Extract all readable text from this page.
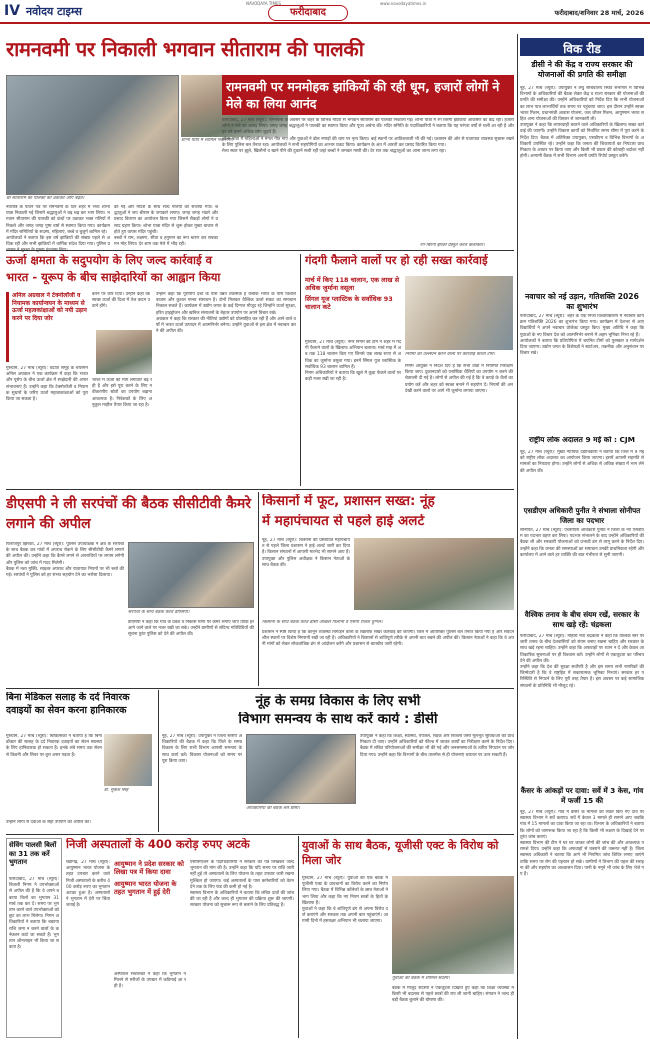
IV नवोदय टाइम्स
NAVODAYA TIMES
फरीदाबाद	फरीदाबाद/शनिवार 28 मार्च, 2026
www.navodayatimes.in
रामनवमी पर निकाली भगवान सीताराम की पालकी
श्री सीताराम की पालकी को उठाकर आगे बढ़ते।
शोभा यात्रा में शामिल भक्तगण।
रामनवमी पर मनमोहक झांकियों की रही धूम, हजारों लोगों ने मेले का लिया आनंद
नवरात्रि के पावन पर्व पर रामनवमी के दिन शहर में भव्य शोभा यात्रा निकाली गई जिसमें श्रद्धालुओं ने बढ़ चढ़ कर भाग लिया। भगवान सीताराम की पालकी को कंधों पर उठाकर भक्त गलियों में निकले और जगह जगह पुष्प वर्षा से स्वागत किया गया। कार्यक्रम में मंदिर समितियों के सदस्य, महिलाएं, बच्चे व बुजुर्ग शामिल रहे।
आयोजकों ने बताया कि इस वर्ष झांकियों की संख्या पहले से अधिक रही और सभी झांकियों में धार्मिक संदेश दिया गया। पुलिस प्र
की गई और मंदिरों के साथ साथ गलियों को सजाया गया। श्रद्धालुओं ने जय श्रीराम के जयकारे लगाए। जगह जगह भंडारे और प्रसाद वितरण का आयोजन किया गया जिसमें सैकड़ों लोगों ने प्रसाद ग्रहण किया। शोभा यात्रा मंदिर से शुरू होकर मुख्य बाजार से होते हुए वापस मंदिर पहुंची।
बच्चों ने राम, लक्ष्मण, सीता व हनुमान का रूप धारण कर सबका मन मोह लिया। देर शाम तक मेले में भीड़ रही।
फरीदाबाद, 27 मार्च (ब्यूरो): रामनवमी के अवसर पर शहर के विभिन्न मंदिरों से भगवान सीताराम की पालकी निकाली गई। शोभा यात्रा में रंग बिरंगी झांकियां आकर्षण का केंद्र रहीं। हजारों लोगों ने मेले का आनंद लिया। जगह जगह श्रद्धालुओं ने पालकी का स्वागत किया और पूजा अर्चना की। मंदिर समिति के पदाधिकारियों ने बताया कि यह परंपरा वर्षों से चली आ रही है और हर वर्ष इसमें अधिक लोग जुड़ते हैं।
शोभा यात्रा में महिलाओं ने मंगल गीत गाए और युवाओं ने ढोल नगाड़ों की थाप पर नृत्य किया। कई स्थानों पर आतिशबाजी भी की गई। प्रशासन की ओर से यातायात व्यवस्था सुचारू रखने के लिए पुलिस बल तैनात रहा। आयोजकों ने सभी सहयोगियों का आभार प्रकट किया। कार्यक्रम के अंत में आरती कर प्रसाद वितरित किया गया।
मेला स्थल पर झूले, खिलौनों व खाने पीने की दुकानें सजी रहीं जहां बच्चों ने जमकर मस्ती की। देर रात तक श्रद्धालुओं का आना जाना लगा रहा।
रंग-बिरंगी झांकी प्रस्तुत करते कलाकार।
विक रीड
डीसी ने की केंद्र व राज्य सरकार की योजनाओं की प्रगति की समीक्षा
नूंह, 27 मार्च (ब्यूरो): उपायुक्त ने लघु सचिवालय स्थित सभागार में विभिन्न विभागों के अधिकारियों की बैठक लेकर केंद्र व राज्य सरकार की योजनाओं की प्रगति की समीक्षा की। उन्होंने अधिकारियों को निर्देश दिए कि सभी योजनाओं का लाभ पात्र लाभार्थियों तक समय पर पहुंचाया जाए। इस दौरान उन्होंने स्वच्छ भारत मिशन, प्रधानमंत्री आवास योजना, जल जीवन मिशन, आयुष्मान भारत सहित अन्य योजनाओं की विस्तार से जानकारी ली।
उपायुक्त ने कहा कि लापरवाही बरतने वाले अधिकारियों के खिलाफ सख्त कार्रवाई की जाएगी। उन्होंने विकास कार्यों को निर्धारित समय सीमा में पूरा करने के निर्देश दिए। बैठक में अतिरिक्त उपायुक्त, एसडीएम व विभिन्न विभागों के अधिकारी उपस्थित रहे। उन्होंने कहा कि जनता की शिकायतों का निपटारा प्राथमिकता के आधार पर किया जाए और किसी भी प्रकार की कोताही बर्दाश्त नहीं होगी। आगामी बैठक में सभी विभाग अपनी प्रगति रिपोर्ट प्रस्तुत करेंगे।
नवाचार को नई उड़ान, गतिशक्ति 2026 का शुभारंभ
फरीदाबाद, 27 मार्च (ब्यूरो): शहर के एक निजी विश्वविद्यालय में नवाचार कार्यक्रम गतिशक्ति 2026 का शुभारंभ किया गया। कार्यक्रम में देशभर से आए विद्यार्थियों ने अपने नवाचार प्रोजेक्ट प्रस्तुत किए। मुख्य अतिथि ने कहा कि युवाओं के नए विचार देश को आत्मनिर्भर बनाने में अहम भूमिका निभा रहे हैं।
आयोजकों ने बताया कि प्रतियोगिता में चयनित टीमों को पुरस्कार व मार्गदर्शन दिया जाएगा। उद्योग जगत के विशेषज्ञों ने स्टार्टअप, तकनीक और अनुसंधान पर विचार रखे।
राष्ट्रीय लोक अदालत 9 मई को : CJM
नूंह, 27 मार्च (ब्यूरो): मुख्य न्यायिक दंडाधिकारी ने बताया कि जिले में 9 मई को राष्ट्रीय लोक अदालत का आयोजन किया जाएगा। इसमें आपसी सहमति से मामलों का निपटारा होगा। उन्होंने लोगों से अधिक से अधिक संख्या में भाग लेने की अपील की।
एसडीएम अधिकारी पुनीत ने संभाला सोनीपत जिला का पदभार
सोनीपत, 27 मार्च (ब्यूरो): एचसीएस अधिकारी पुनीत ने जिला के नए एसडीएम का पदभार ग्रहण कर लिया। पदभार संभालने के बाद उन्होंने अधिकारियों की बैठक ली और सरकारी योजनाओं को प्रभावी ढंग से लागू करने के निर्देश दिए। उन्होंने कहा कि जनता की समस्याओं का समाधान उनकी प्राथमिकता रहेगी और कार्यालय में आने वाले हर व्यक्ति की बात गंभीरता से सुनी जाएगी।
वैश्विक तनाव के बीच संयम रखें, सरकार के साथ खड़े रहें: चंद्रकला
फरीदाबाद, 27 मार्च (ब्यूरो): महिला नेता चंद्रकला ने कहा कि वैश्विक स्तर पर जारी तनाव के बीच देशवासियों को संयम बनाए रखना चाहिए और सरकार के साथ खड़े रहना चाहिए। उन्होंने कहा कि अफवाहों पर ध्यान न दें और केवल आधिकारिक सूचनाओं पर ही विश्वास करें। उन्होंने लोगों से एकजुटता का परिचय देने की अपील की।
उन्होंने कहा कि देश की सुरक्षा सर्वोपरि है और इस समय सभी नागरिकों की जिम्मेदारी है कि वे राष्ट्रहित में सकारात्मक भूमिका निभाएं। सरकार हर परिस्थिति से निपटने के लिए पूरी तरह तैयार है। इस अवसर पर कई सामाजिक संगठनों के प्रतिनिधि भी मौजूद रहे।
कैंसर के आंकड़ों पर दावा: सर्वे में 3 केस, गांव में फर्जी 15 की
नूंह, 27 मार्च (ब्यूरो): गांव में कैंसर के मामलों को लेकर किए गए दावे पर स्वास्थ्य विभाग ने सर्वे कराया। सर्वे में केवल 3 मामले ही सामने आए जबकि गांव में 15 मामलों का दावा किया जा रहा था। विभाग के अधिकारियों ने बताया कि लोगों को जागरूक किया जा रहा है कि किसी भी लक्षण के दिखाई देने पर तुरंत जांच कराएं।
स्वास्थ्य विभाग की टीम ने घर घर जाकर लोगों की जांच की और आवश्यक परामर्श दिया। उन्होंने कहा कि अफवाहों से घबराने की जरूरत नहीं है। जिला स्वास्थ्य अधिकारी ने बताया कि आगे भी नियमित जांच शिविर लगाए जाएंगे ताकि समय पर रोग की पहचान हो सके। ग्रामीणों ने विभाग की पहल की सराहना की और सहयोग का आश्वासन दिया। पानी के नमूने भी जांच के लिए भेजे गए हैं।
ऊर्जा क्षमता के सदुपयोग के लिए जल्द कार्रवाई व
भारत - यूरूप के बीच साझेदारियों का आह्वान किया
अनिल अग्रवाल ने टेक्नोलॉजी व नियामक कार्यान्वयन के माध्यम से ऊर्जा महत्वकांक्षाओं को नयी उड़ान करने पर दिया जोर
गुरुग्राम, 27 मार्च (ब्यूरो): वेदांता समूह के चेयरमैन अनिल अग्रवाल ने एक कार्यक्रम में कहा कि भारत और यूरोप के बीच ऊर्जा क्षेत्र में साझेदारी की अपार संभावनाएं हैं। उन्होंने कहा कि टेक्नोलॉजी व नियामक सुधारों के जरिए ऊर्जा महत्वाकांक्षाओं को पूरा किया जा सकता है।
करने पर जोर दिया। उन्होंने कहा कि स्वच्छ ऊर्जा की दिशा में तेज कदम उठाने होंगे।
भारत में ऊर्जा की मांग लगातार बढ़ रही है और इसे पूरा करने के लिए नवीकरणीय स्रोतों का उपयोग बढ़ाना आवश्यक है। निवेशकों के लिए अनुकूल माहौल तैयार किया जा रहा है।
उन्होंने कहा कि यूरोपीय देशों के पास उन्नत तकनीक है जबकि भारत के पास विशाल बाजार और कुशल मानव संसाधन है। दोनों मिलकर वैश्विक ऊर्जा संकट का समाधान निकाल सकते हैं। कार्यक्रम में उद्योग जगत के कई दिग्गज मौजूद रहे जिन्होंने ऊर्जा सुरक्षा, हरित हाइड्रोजन और खनिज संसाधनों के बेहतर उपयोग पर अपने विचार रखे।
अग्रवाल ने कहा कि सरकार की नीतियां उद्योगों को प्रोत्साहित कर रही हैं और आने वाले वर्षों में भारत ऊर्जा उत्पादन में आत्मनिर्भर बनेगा। उन्होंने युवाओं से इस क्षेत्र में नवाचार करने की अपील की।
गंदगी फैलाने वालों पर हो रही सख्त कार्रवाई
मार्च में किए 118 चालान, एक लाख से अधिक जुर्माना वसूला
सिंगल यूज प्लास्टिक के सर्वाधिक 93 चालान कटे
गुरुग्राम, 27 मार्च (ब्यूरो): नगर निगम की टीम ने शहर में गंदगी फैलाने वालों के खिलाफ अभियान चलाया। मार्च माह में अब तक 118 चालान किए गए जिनसे एक लाख रुपए से अधिक का जुर्माना वसूला गया। इनमें सिंगल यूज प्लास्टिक के सर्वाधिक 93 चालान शामिल हैं।
निगम अधिकारियों ने बताया कि खुले में कूड़ा फेंकने वालों पर कड़ी नजर रखी जा रही है।
नियमों का उल्लंघन करने वालों पर कार्रवाई करती टीम।
निगम आयुक्त ने निर्देश दिए हैं कि सभी वार्डों में नियमित निरीक्षण किया जाए। दुकानदारों को प्लास्टिक थैलियों का उपयोग न करने की चेतावनी दी गई है। लोगों से अपील की गई है कि वे कपड़े के थैलों का प्रयोग करें और शहर को स्वच्छ बनाने में सहयोग दें। नियमों की अनदेखी करने वालों पर आगे भी जुर्माना लगाया जाएगा।
डीएसपी ने ली सरपंचों की बैठक सीसीटीवी कैमरे लगाने की अपील
फिरोजपुर झिरका, 27 मार्च (ब्यूरो): पुलिस उपाधीक्षक ने क्षेत्र के सरपंचों के साथ बैठक कर गांवों में अपराध रोकने के लिए सीसीटीवी कैमरे लगाने की अपील की। उन्होंने कहा कि कैमरे लगने से अपराधियों पर लगाम लगेगी और पुलिस को जांच में मदद मिलेगी।
बैठक में नशा मुक्ति, साइबर अपराध और यातायात नियमों पर भी चर्चा की गई। सरपंचों ने पुलिस को हर संभव सहयोग देने का भरोसा दिलाया।
सरपंचों के साथ बैठक करते डीएसपी।
डीएसपी ने कहा कि गांव के प्रवेश व निकास मार्गों पर कैमरे लगाए जाएं ताकि हर आने जाने वाले पर नजर रखी जा सके। उन्होंने ग्रामीणों से संदिग्ध गतिविधियों की सूचना तुरंत पुलिस को देने की अपील की।
किसानों में फूट, प्रशासन सख्त: नूंह
में महापंचायत से पहले हाई अलर्ट
नूंह, 27 मार्च (ब्यूरो): किसानों की प्रस्तावित महापंचायत से पहले जिला प्रशासन ने हाई अलर्ट जारी कर दिया है। किसान संगठनों में आपसी मतभेद भी सामने आए हैं। उपायुक्त और पुलिस अधीक्षक ने किसान नेताओं के साथ बैठक की।
किसानों के साथ बैठक करते डीसी अखिल पिलानी व एसपी राजेश दुग्गल।
प्रशासन ने स्पष्ट किया है कि कानून व्यवस्था बिगाड़ने वालों के खिलाफ सख्त कार्रवाई की जाएगी। जिले में अतिरिक्त पुलिस बल तैनात किया गया है और संवेदनशील स्थानों पर विशेष निगरानी रखी जा रही है। अधिकारियों ने किसानों से शांतिपूर्ण तरीके से अपनी बात रखने की अपील की। किसान नेताओं ने कहा कि वे अपनी मांगों को लेकर लोकतांत्रिक ढंग से आंदोलन करेंगे और प्रशासन से बातचीत जारी रहेगी।
बिना मेडिकल सलाह के दर्द निवारक दवाइयों का सेवन करना हानिकारक
गुरुग्राम, 27 मार्च (ब्यूरो): चिकित्सकों ने चेताया है कि बिना डॉक्टर की सलाह के दर्द निवारक दवाइयों का सेवन स्वास्थ्य के लिए हानिकारक हो सकता है। इनके लंबे समय तक सेवन से किडनी और लिवर पर बुरा असर पड़ता है।
डॉ. मुकेश सिंह
उन्होंने लोगों से दवाओं के सही उपयोग की अपील की।
नूंह के समग्र विकास के लिए सभी
विभाग समन्वय के साथ करें कार्य : डीसी
नूंह, 27 मार्च (ब्यूरो): उपायुक्त ने जिला स्तरीय अधिकारियों की बैठक में कहा कि जिले के समग्र विकास के लिए सभी विभाग आपसी समन्वय के साथ कार्य करें। विकास योजनाओं को समय पर पूरा किया जाए।
अधिकारियों की बैठक लेते डीसी।
उपायुक्त ने कहा कि शिक्षा, स्वास्थ्य, पेयजल, सड़क और बिजली जैसी मूलभूत सुविधाओं को प्राथमिकता दी जाए। उन्होंने अधिकारियों को फील्ड में जाकर कार्यों का निरीक्षण करने के निर्देश दिए। बैठक में लंबित परियोजनाओं की समीक्षा भी की गई और जनसमस्याओं के त्वरित निपटान पर जोर दिया गया। उन्होंने कहा कि विभागों के बीच तालमेल से ही योजनाएं धरातल पर उतर सकती हैं।
सेविंग पालसी बिलों का 31 तक करें भुगतान
फरीदाबाद, 27 मार्च (ब्यूरो): बिजली निगम ने उपभोक्ताओं से अपील की है कि वे अपने बकाया बिलों का भुगतान 31 मार्च तक कर दें। समय पर भुगतान करने वाले उपभोक्ताओं को छूट का लाभ मिलेगा। निगम अधिकारियों ने बताया कि बकाया राशि जमा न करने वालों के कनेक्शन काटे जा सकते हैं। भुगतान ऑनलाइन भी किया जा सकता है।
निजी अस्पतालों के 400 करोड़ रुपए अटके
चंडीगढ़, 27 मार्च (ब्यूरो): आयुष्मान भारत योजना के तहत उपचार करने वाले निजी अस्पतालों के करीब 400 करोड़ रुपए का भुगतान अटका हुआ है। अस्पतालों ने भुगतान में देरी पर चिंता जताई है।
आयुष्मान ने प्रदेश सरकार को लिखा पत्र में किया दावा
आयुष्मान भारत योजना के तहत भुगतान में हुई देरी
अस्पताल संचालकों ने कहा कि भुगतान न मिलने से मरीजों के उपचार में कठिनाई आ रही है।
एसोसिएशन के पदाधिकारियों ने सरकार को पत्र लिखकर जल्द भुगतान की मांग की है। उन्होंने कहा कि यदि समय पर राशि जारी नहीं हुई तो अस्पतालों के लिए योजना के तहत उपचार जारी रखना मुश्किल हो जाएगा। कई अस्पतालों के पास कर्मचारियों को वेतन देने तक के लिए फंड की कमी हो गई है।
स्वास्थ्य विभाग के अधिकारियों ने बताया कि लंबित दावों की जांच की जा रही है और जल्द ही भुगतान की प्रक्रिया शुरू की जाएगी। सरकार योजना को सुचारू रूप से चलाने के लिए प्रतिबद्ध है।
युवाओं के साथ बैठक, यूजीसी एक्ट के विरोध को मिला जोर
गुरुग्राम, 27 मार्च (ब्यूरो): युवाओं की एक बैठक में यूजीसी एक्ट के प्रावधानों का विरोध करने का निर्णय लिया गया। बैठक में विभिन्न कॉलेजों के छात्र नेताओं ने भाग लिया और कहा कि नए नियम छात्रों के हितों के खिलाफ हैं।
युवाओं ने कहा कि वे शांतिपूर्ण ढंग से अपना विरोध दर्ज कराएंगे और सरकार तक अपनी बात पहुंचाएंगे। आगामी दिनों में हस्ताक्षर अभियान भी चलाया जाएगा।
युवाओं की बैठक में शामिल सदस्य।
बैठक में मौजूद सदस्यों ने एकजुटता दिखाते हुए कहा कि शिक्षा व्यवस्था में किसी भी बदलाव से पहले छात्रों की राय ली जानी चाहिए। संगठन ने जल्द ही बड़ी बैठक बुलाने की घोषणा की।
